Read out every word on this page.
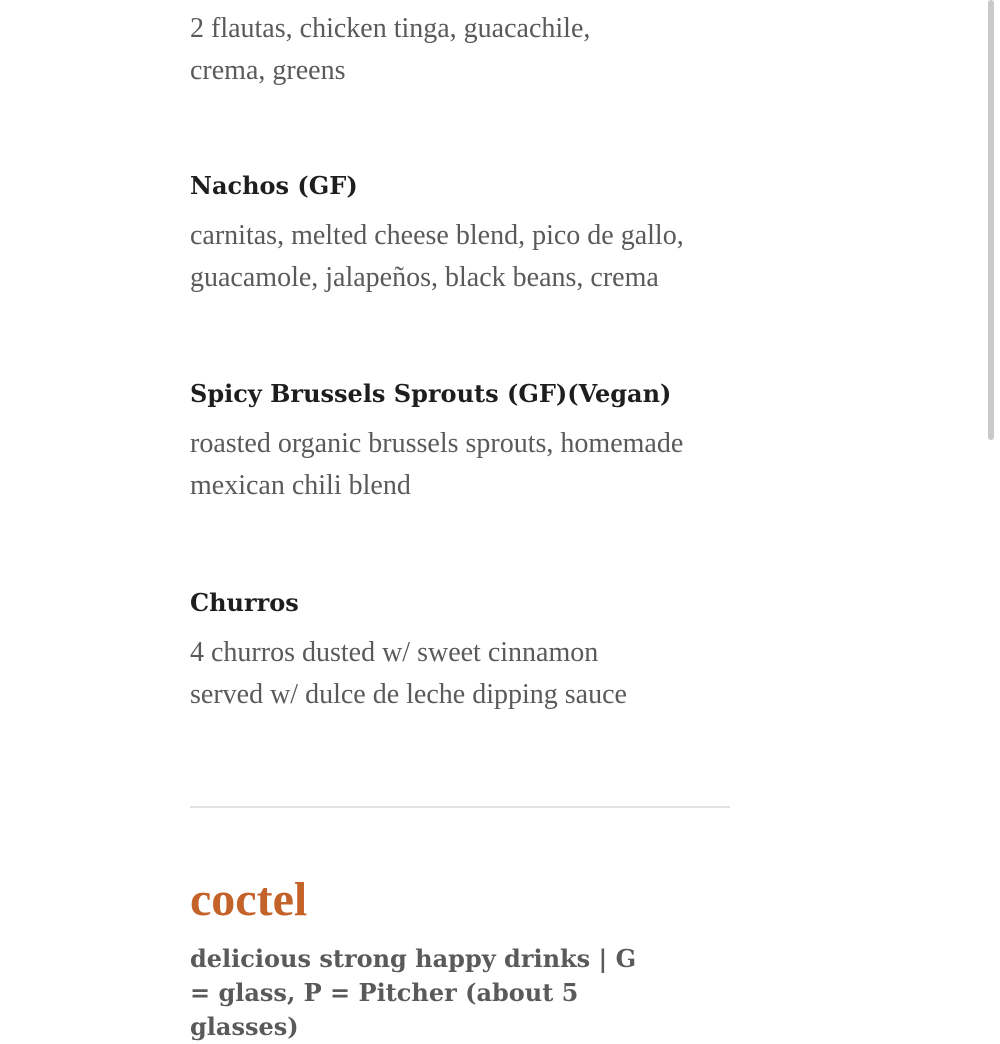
2 flautas, chicken tinga, guacachile,

crema, greens

Nachos (GF)

carnitas, melted cheese blend, pico de gallo,

guacamole, jalapeños, black beans, crema

Spicy Brussels Sprouts (GF)(Vegan)

roasted organic brussels sprouts, homemade

mexican chili blend

Churros

4 churros dusted w/ sweet cinnamon

served w/ dulce de leche dipping sauce

coctel

delicious strong happy drinks | G = glass, P = Pitcher (about 5 glasses)
